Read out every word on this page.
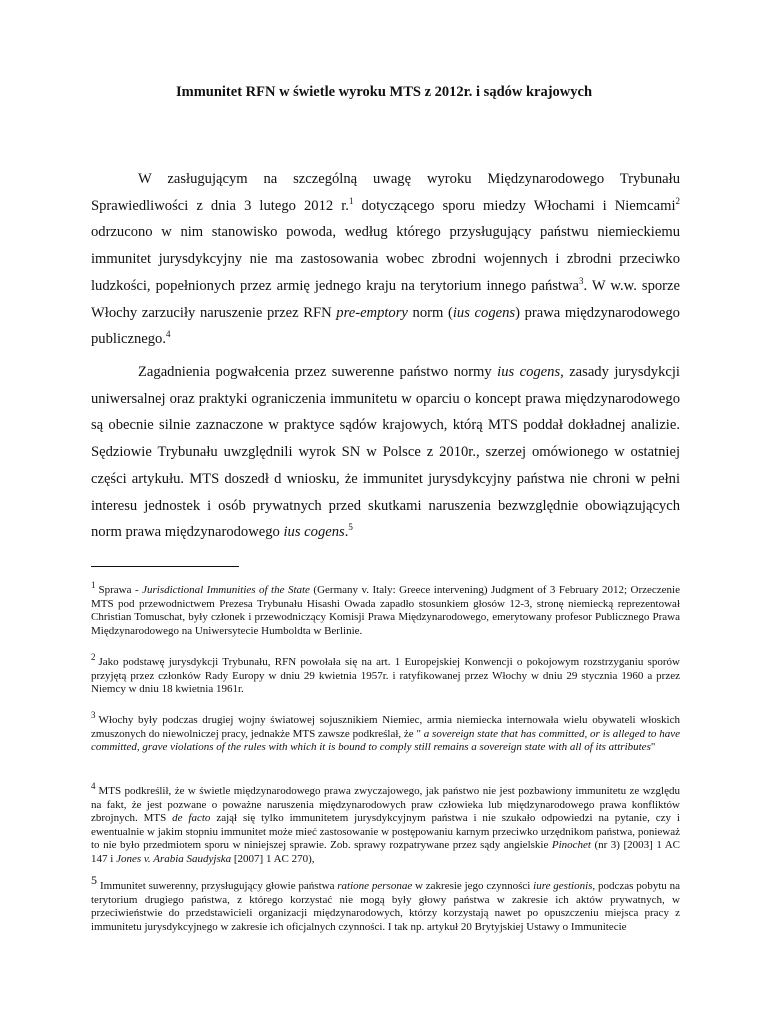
Immunitet RFN w świetle wyroku MTS z 2012r. i sądów krajowych

W zasługującym na szczególną uwagę wyroku Międzynarodowego Trybunału Sprawiedliwości z dnia 3 lutego 2012 r.$^1$ dotyczącego sporu miedzy Włochami i Niemcami$^2$ odrzucono w nim stanowisko powoda, według którego przysługujący państwu niemieckiemu immunitet jurysdykcyjny nie ma zastosowania wobec zbrodni wojennych i zbrodni przeciwko ludzkości, popełnionych przez armię jednego kraju na terytorium innego państwa$^3$. W w.w. sporze Włochy zarzuciły naruszenie przez RFN pre-emptory norm (ius cogens) prawa międzynarodowego publicznego.$^4$

Zagadnienia pogwałcenia przez suwerenne państwo normy ius cogens, zasady jurysdykcji uniwersalnej oraz praktyki ograniczenia immunitetu w oparciu o koncept prawa międzynarodowego są obecnie silnie zaznaczone w praktyce sądów krajowych, którą MTS poddał dokładnej analizie. Sędziowie Trybunału uwzględnili wyrok SN w Polsce z 2010r., szerzej omówionego w ostatniej części artykułu. MTS doszedł d wniosku, że immunitet jurysdykcyjny państwa nie chroni w pełni interesu jednostek i osób prywatnych przed skutkami naruszenia bezwzględnie obowiązujących norm prawa międzynarodowego ius cogens.$^5$

$^1$ Sprawa - Jurisdictional Immunities of the State (Germany v. Italy: Greece intervening) Judgment of 3 February 2012; Orzeczenie MTS pod przewodnictwem Prezesa Trybunału Hisashi Owada zapadło stosunkiem głosów 12-3, stronę niemiecką reprezentował Christian Tomuschat, były członek i przewodniczący Komisji Prawa Międzynarodowego, emerytowany profesor Publicznego Prawa Międzynarodowego na Uniwersytecie Humboldta w Berlinie.

$^2$ Jako podstawę jurysdykcji Trybunału, RFN powołała się na art. 1 Europejskiej Konwencji o pokojowym rozstrzyganiu sporów przyjętą przez członków Rady Europy w dniu 29 kwietnia 1957r. i ratyfikowanej przez Włochy w dniu 29 stycznia 1960 a przez Niemcy w dniu 18 kwietnia 1961r.

$^3$ Włochy były podczas drugiej wojny światowej sojusznikiem Niemiec, armia niemiecka internowała wielu obywateli włoskich zmuszonych do niewolniczej pracy, jednakże MTS zawsze podkreślał, że " a sovereign state that has committed, or is alleged to have committed, grave violations of the rules with which it is bound to comply still remains a sovereign state with all of its attributes"

$^4$ MTS podkreślił, że w świetle międzynarodowego prawa zwyczajowego, jak państwo nie jest pozbawiony immunitetu ze względu na fakt, że jest pozwane o poważne naruszenia międzynarodowych praw człowieka lub międzynarodowego prawa konfliktów zbrojnych. MTS de facto zajął się tylko immunitetem jurysdykcyjnym państwa i nie szukało odpowiedzi na pytanie, czy i ewentualnie w jakim stopniu immunitet może mieć zastosowanie w postępowaniu karnym przeciwko urzędnikom państwa, ponieważ to nie było przedmiotem sporu w niniejszej sprawie. Zob. sprawy rozpatrywane przez sądy angielskie Pinochet (nr 3) [2003] 1 AC 147 i Jones v. Arabia Saudyjska [2007] 1 AC 270),

$^5$ Immunitet suwerenny, przysługujący głowie państwa ratione personae w zakresie jego czynności iure gestionis, podczas pobytu na terytorium drugiego państwa, z którego korzystać nie mogą były głowy państwa w zakresie ich aktów prywatnych, w przeciwieństwie do przedstawicieli organizacji międzynarodowych, którzy korzystają nawet po opuszczeniu miejsca pracy z immunitetu jurysdykcyjnego w zakresie ich oficjalnych czynności. I tak np. artykuł 20 Brytyjskiej Ustawy o Immunitecie
